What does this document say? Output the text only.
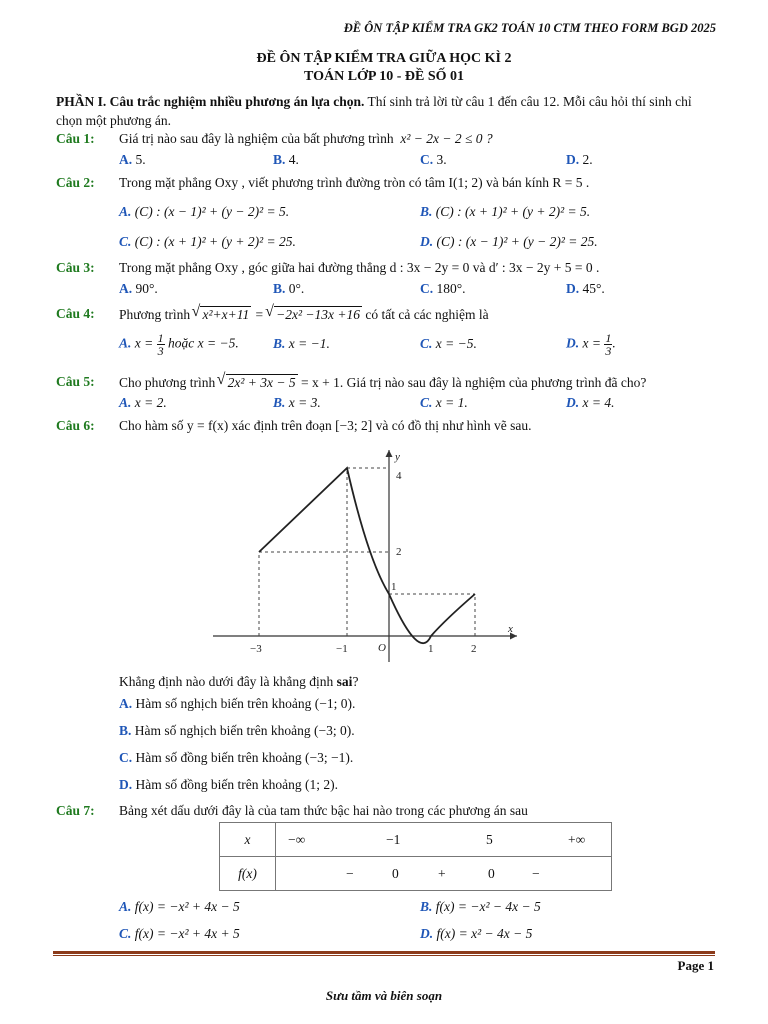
ĐỀ ÔN TẬP KIỂM TRA GK2 TOÁN 10 CTM THEO FORM BGD 2025
ĐỀ ÔN TẬP KIỂM TRA GIỮA HỌC KÌ 2
TOÁN LỚP 10 - ĐỀ SỐ 01
PHẦN I. Câu trắc nghiệm nhiều phương án lựa chọn. Thí sinh trả lời từ câu 1 đến câu 12. Mỗi câu hỏi thí sinh chỉ chọn một phương án.
Câu 1: Giá trị nào sau đây là nghiệm của bất phương trình x² − 2x − 2 ≤ 0 ?
A. 5.	B. 4.	C. 3.	D. 2.
Câu 2: Trong mặt phẳng Oxy , viết phương trình đường tròn có tâm I(1; 2) và bán kính R = 5 .
A. (C) : (x − 1)² + (y − 2)² = 5.	B. (C) : (x + 1)² + (y + 2)² = 5.
C. (C) : (x + 1)² + (y + 2)² = 25.	D. (C) : (x − 1)² + (y − 2)² = 25.
Câu 3: Trong mặt phẳng Oxy , góc giữa hai đường thẳng d : 3x − 2y = 0 và d′ : 3x − 2y + 5 = 0 .
A. 90°.	B. 0°.	C. 180°.	D. 45°.
Câu 4: Phương trình √ x²+x+11 = √ −2x² −13x +16 có tất cả các nghiệm là
A. $x = \frac{1}{3}$ hoặc x = −5.	B. x = −1.	C. x = −5.	D. $x = \frac{1}{3}$ .
Câu 5: Cho phương trình √ 2x² + 3x − 5 = x + 1. Giá trị nào sau đây là nghiệm của phương trình đã cho?
A. x = 2.	B. x = 3.	C. x = 1.	D. x = 4.
Câu 6: Cho hàm số y = f(x) xác định trên đoạn [−3; 2] và có đồ thị như hình vẽ sau.
−3	−1	O	1	2
4
2
1
x
y
Khẳng định nào dưới đây là khẳng định sai?
A. Hàm số nghịch biến trên khoảng (−1; 0).
B. Hàm số nghịch biến trên khoảng (−3; 0).
C. Hàm số đồng biến trên khoảng (−3; −1).
D. Hàm số đồng biến trên khoảng (1; 2).
Câu 7: Bảng xét dấu dưới đây là của tam thức bậc hai nào trong các phương án sau
x	−∞ −1 5 +∞

f(x)	− 0 + 0 −
A. f(x) = −x² + 4x − 5	B. f(x) = −x² − 4x − 5
C. f(x) = −x² + 4x + 5	D. f(x) = x² − 4x − 5
Page 1
Sưu tầm và biên soạn
